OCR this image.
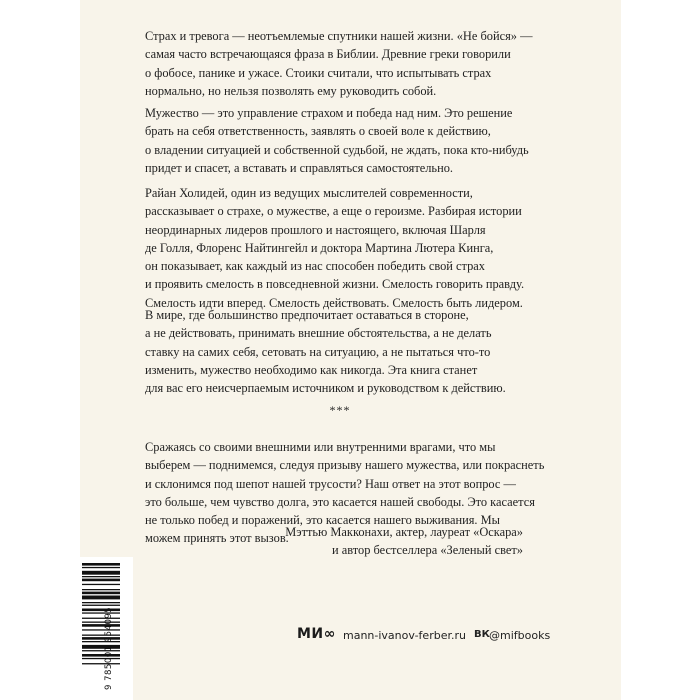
Страх и тревога — неотъемлемые спутники нашей жизни. «Не бойся» —
самая часто встречающаяся фраза в Библии. Древние греки говорили
о фобосе, панике и ужасе. Стоики считали, что испытывать страх
нормально, но нельзя позволять ему руководить собой.
Мужество — это управление страхом и победа над ним. Это решение
брать на себя ответственность, заявлять о своей воле к действию,
о владении ситуацией и собственной судьбой, не ждать, пока кто-нибудь
придет и спасет, а вставать и справляться самостоятельно.
Райан Холидей, один из ведущих мыслителей современности,
рассказывает о страхе, о мужестве, а еще о героизме. Разбирая истории
неординарных лидеров прошлого и настоящего, включая Шарля
де Голля, Флоренс Найтингейл и доктора Мартина Лютера Кинга,
он показывает, как каждый из нас способен победить свой страх
и проявить смелость в повседневной жизни. Смелость говорить правду.
Смелость идти вперед. Смелость действовать. Смелость быть лидером.
В мире, где большинство предпочитает оставаться в стороне,
а не действовать, принимать внешние обстоятельства, а не делать
ставку на самих себя, сетовать на ситуацию, а не пытаться что-то
изменить, мужество необходимо как никогда. Эта книга станет
для вас его неисчерпаемым источником и руководством к действию.
***
Сражаясь со своими внешними или внутренними врагами, что мы
выберем — поднимемся, следуя призыву нашего мужества, или покраснеть
и склонимся под шепот нашей трусости? Наш ответ на этот вопрос —
это больше, чем чувство долга, это касается нашей свободы. Это касается
не только побед и поражений, это касается нашего выживания. Мы
можем принять этот вызов.
Мэттью Макконахи, актер, лауреат «Оскара»
и автор бестселлера «Зеленый свет»
9 785001 954095	МИ∞ mann-ivanov-ferber.ru ВК @mifbooks
